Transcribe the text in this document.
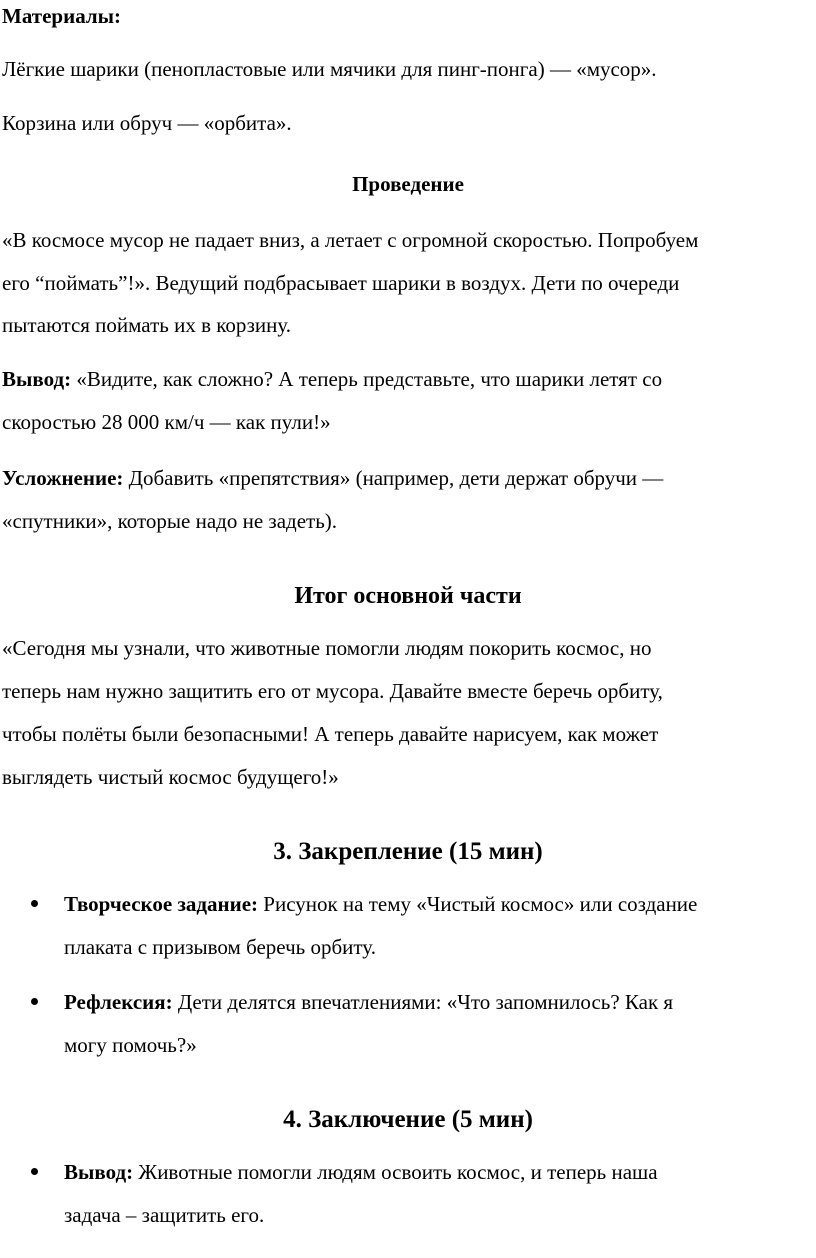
Материалы:

Лёгкие шарики (пенопластовые или мячики для пинг-понга) — «мусор».

Корзина или обруч — «орбита».

Проведение

«В космосе мусор не падает вниз, а летает с огромной скоростью. Попробуем

его “поймать”!». Ведущий подбрасывает шарики в воздух. Дети по очереди

пытаются поймать их в корзину.

Вывод: «Видите, как сложно? А теперь представьте, что шарики летят со

скоростью 28 000 км/ч — как пули!»

Усложнение: Добавить «препятствия» (например, дети держат обручи —

«спутники», которые надо не задеть).

Итог основной части

«Сегодня мы узнали, что животные помогли людям покорить космос, но

теперь нам нужно защитить его от мусора. Давайте вместе беречь орбиту,

чтобы полёты были безопасными! А теперь давайте нарисуем, как может

выглядеть чистый космос будущего!»

3. Закрепление (15 мин)

Творческое задание: Рисунок на тему «Чистый космос» или создание
плаката с призывом беречь орбиту.
Рефлексия: Дети делятся впечатлениями: «Что запомнилось? Как я
могу помочь?»

4. Заключение (5 мин)

Вывод: Животные помогли людям освоить космос, и теперь наша
задача – защитить его.
